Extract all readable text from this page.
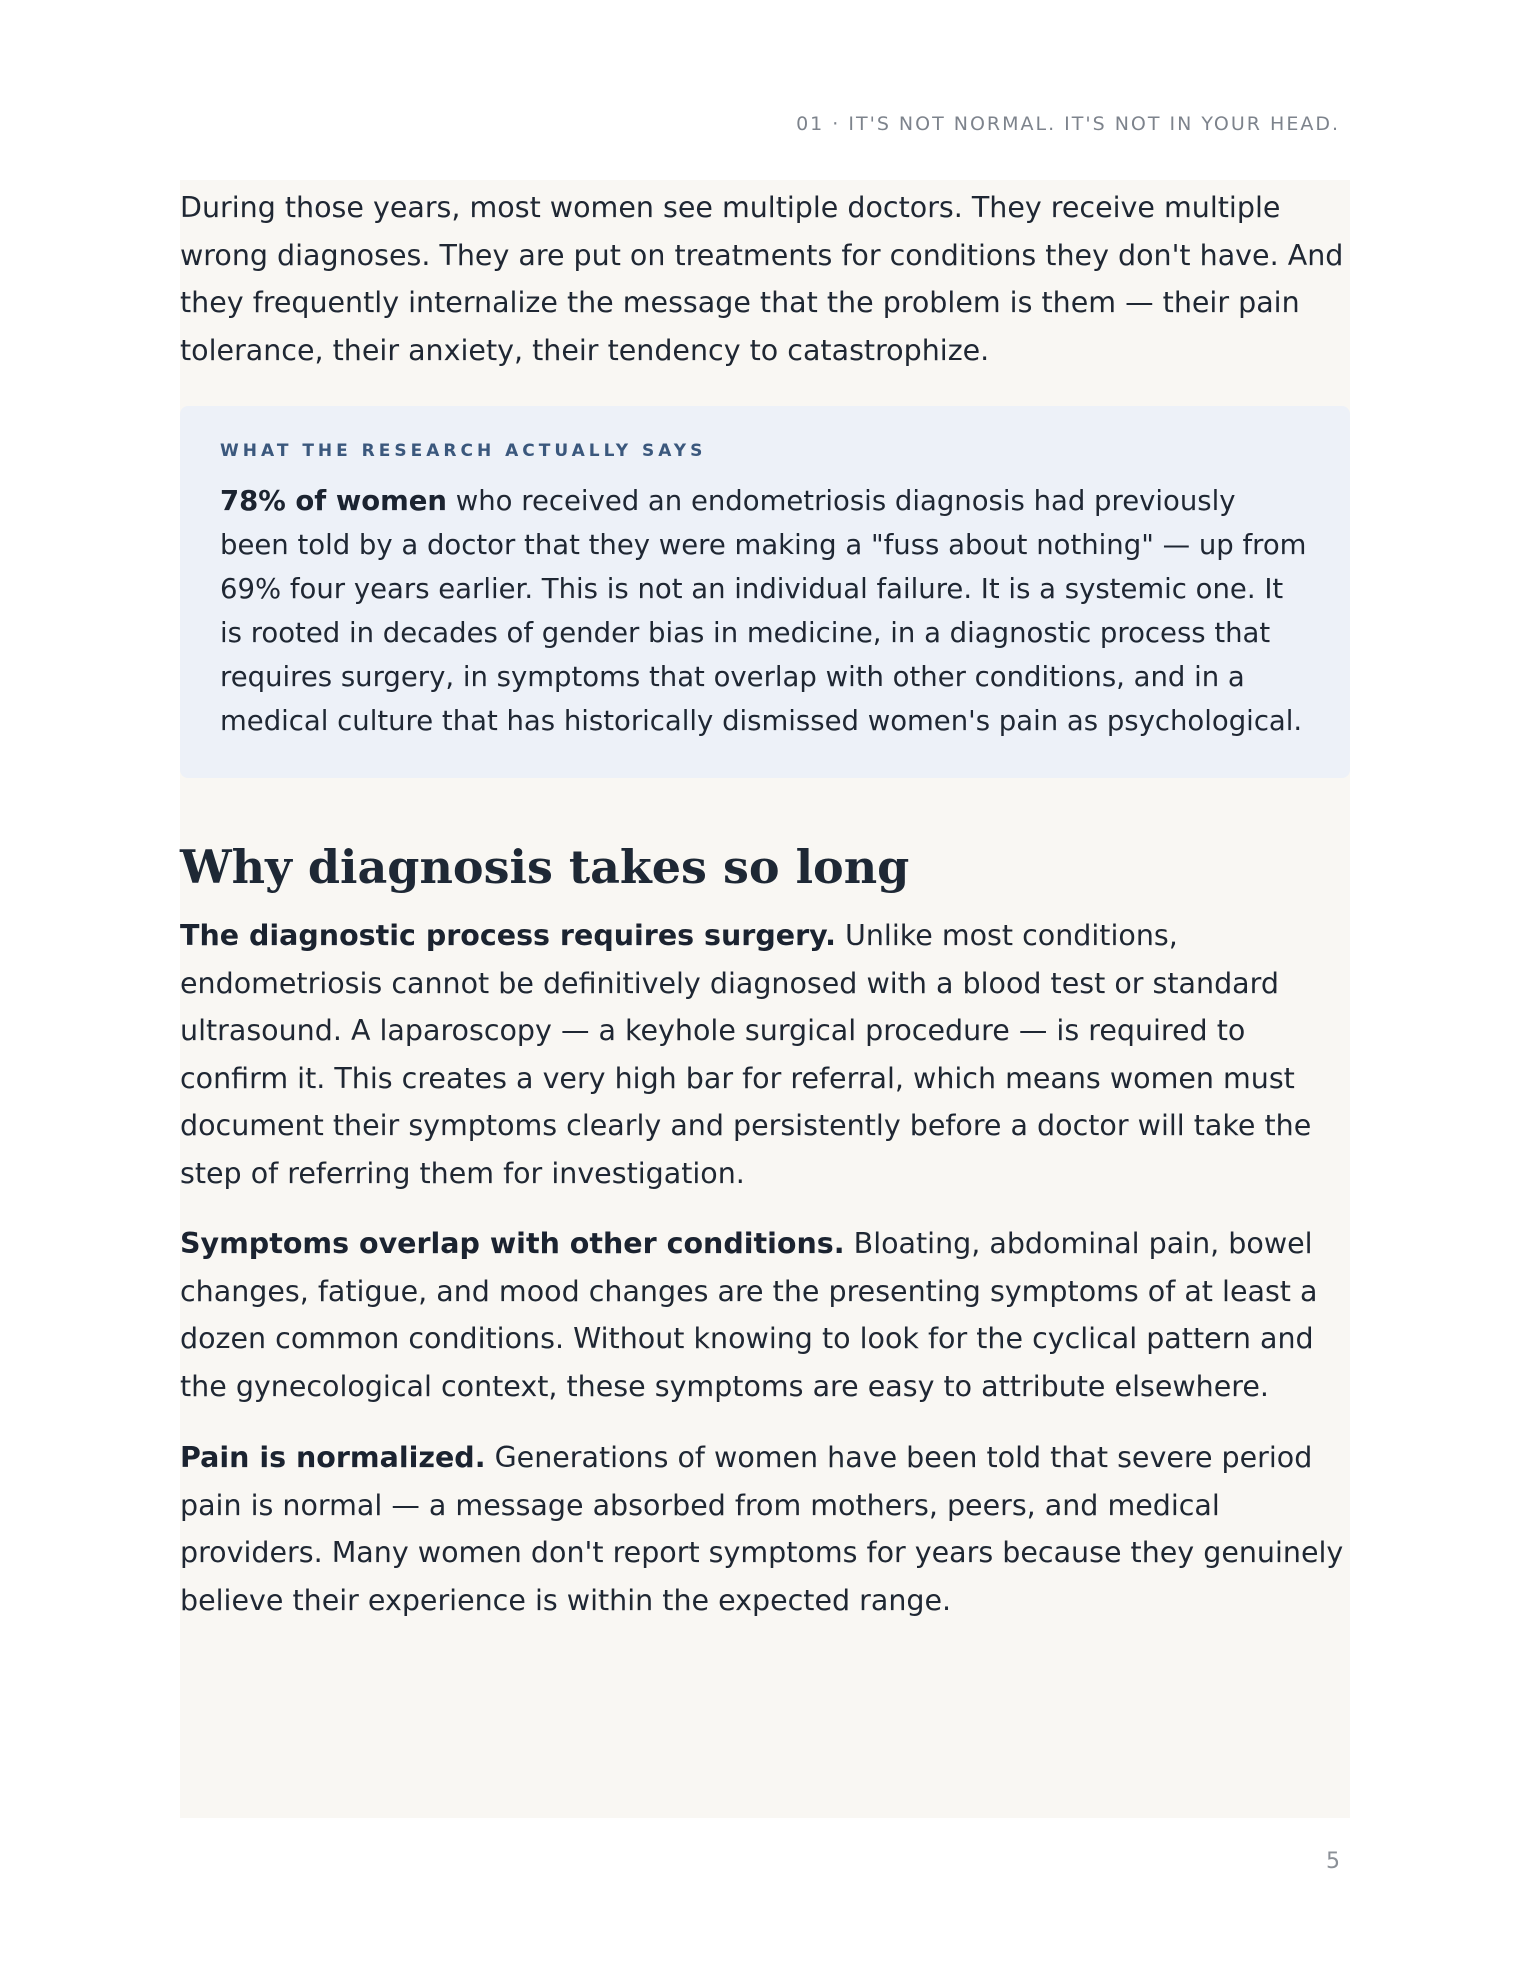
01 · IT'S NOT NORMAL. IT'S NOT IN YOUR HEAD.

During those years, most women see multiple doctors. They receive multiple wrong diagnoses. They are put on treatments for conditions they don't have. And they frequently internalize the message that the problem is them — their pain tolerance, their anxiety, their tendency to catastrophize.

WHAT THE RESEARCH ACTUALLY SAYS

78% of women who received an endometriosis diagnosis had previously been told by a doctor that they were making a "fuss about nothing" — up from 69% four years earlier. This is not an individual failure. It is a systemic one. It is rooted in decades of gender bias in medicine, in a diagnostic process that requires surgery, in symptoms that overlap with other conditions, and in a medical culture that has historically dismissed women's pain as psychological.

Why diagnosis takes so long

The diagnostic process requires surgery. Unlike most conditions, endometriosis cannot be definitively diagnosed with a blood test or standard ultrasound. A laparoscopy — a keyhole surgical procedure — is required to confirm it. This creates a very high bar for referral, which means women must document their symptoms clearly and persistently before a doctor will take the step of referring them for investigation.

Symptoms overlap with other conditions. Bloating, abdominal pain, bowel changes, fatigue, and mood changes are the presenting symptoms of at least a dozen common conditions. Without knowing to look for the cyclical pattern and the gynecological context, these symptoms are easy to attribute elsewhere.

Pain is normalized. Generations of women have been told that severe period pain is normal — a message absorbed from mothers, peers, and medical providers. Many women don't report symptoms for years because they genuinely believe their experience is within the expected range.

5
